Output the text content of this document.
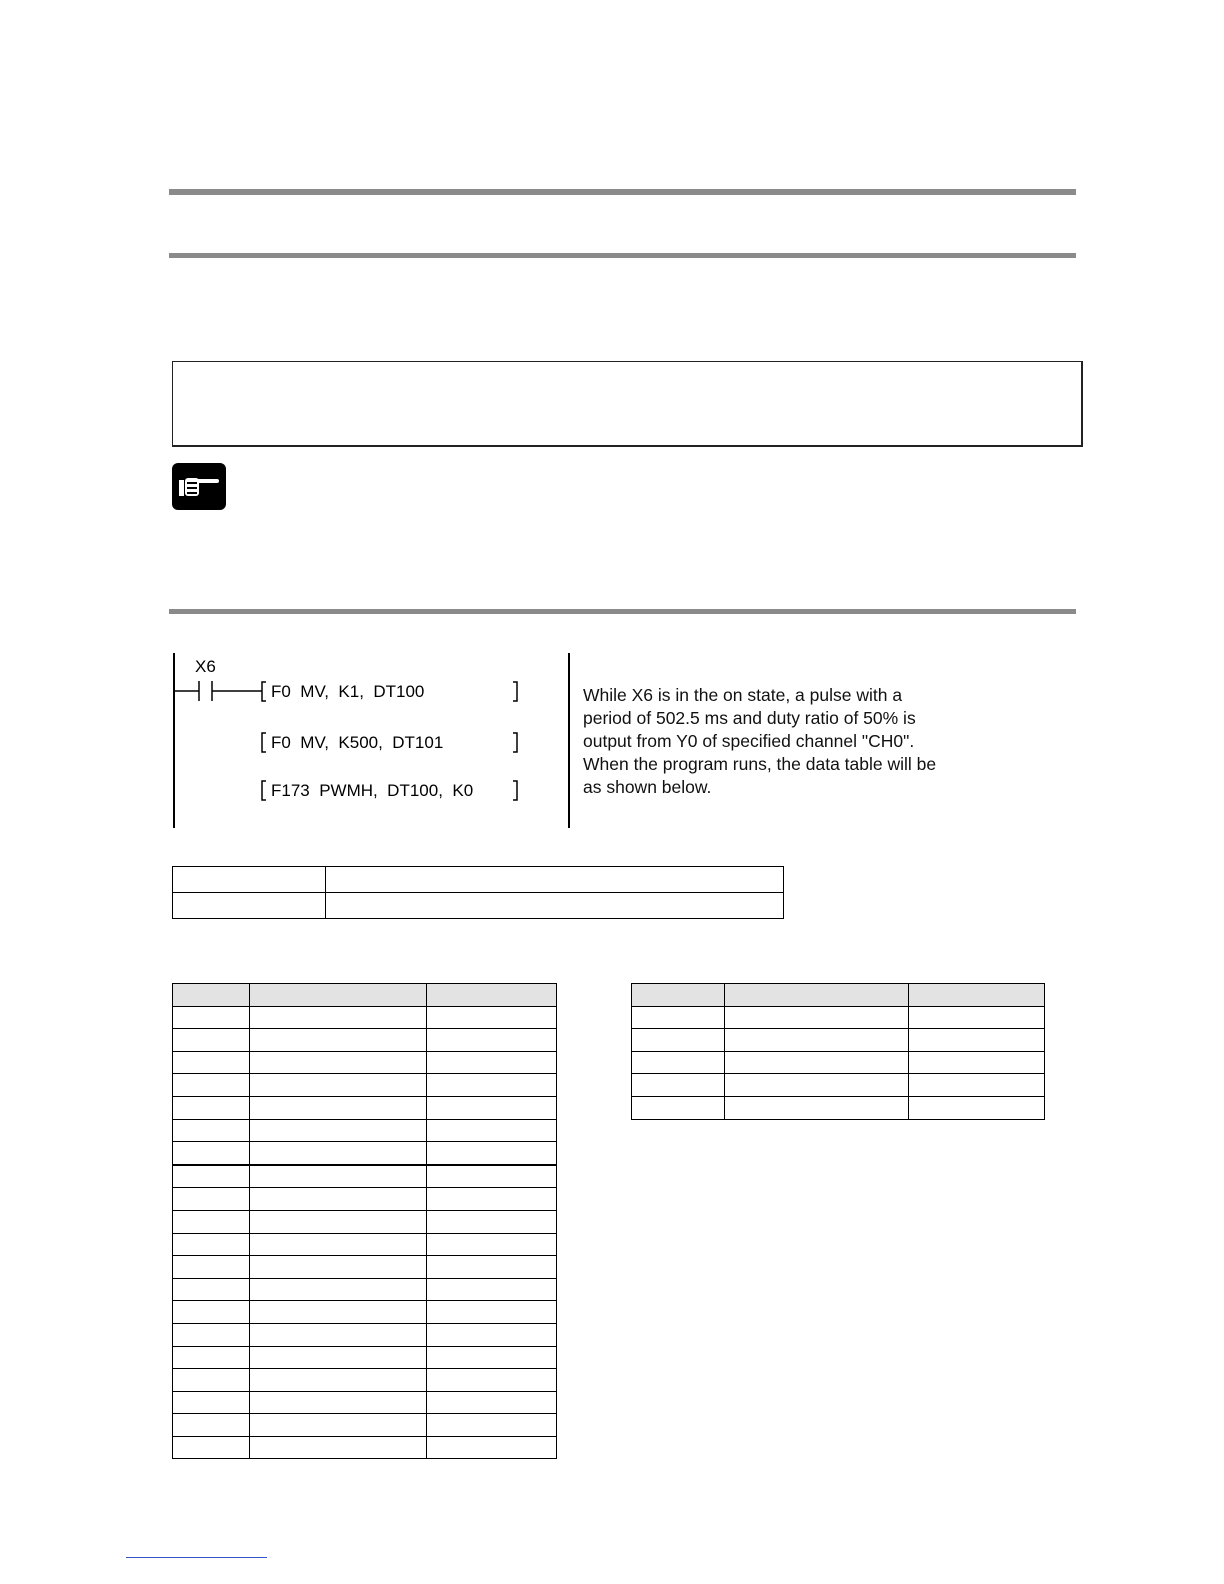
X6
F0  MV,  K1,  DT100
F0  MV,  K500,  DT101
F173  PWMH,  DT100,  K0
While X6 is in the on state, a pulse with a
period of 502.5 ms and duty ratio of 50% is
output from Y0 of specified channel "CH0".
When the program runs, the data table will be
as shown below.
